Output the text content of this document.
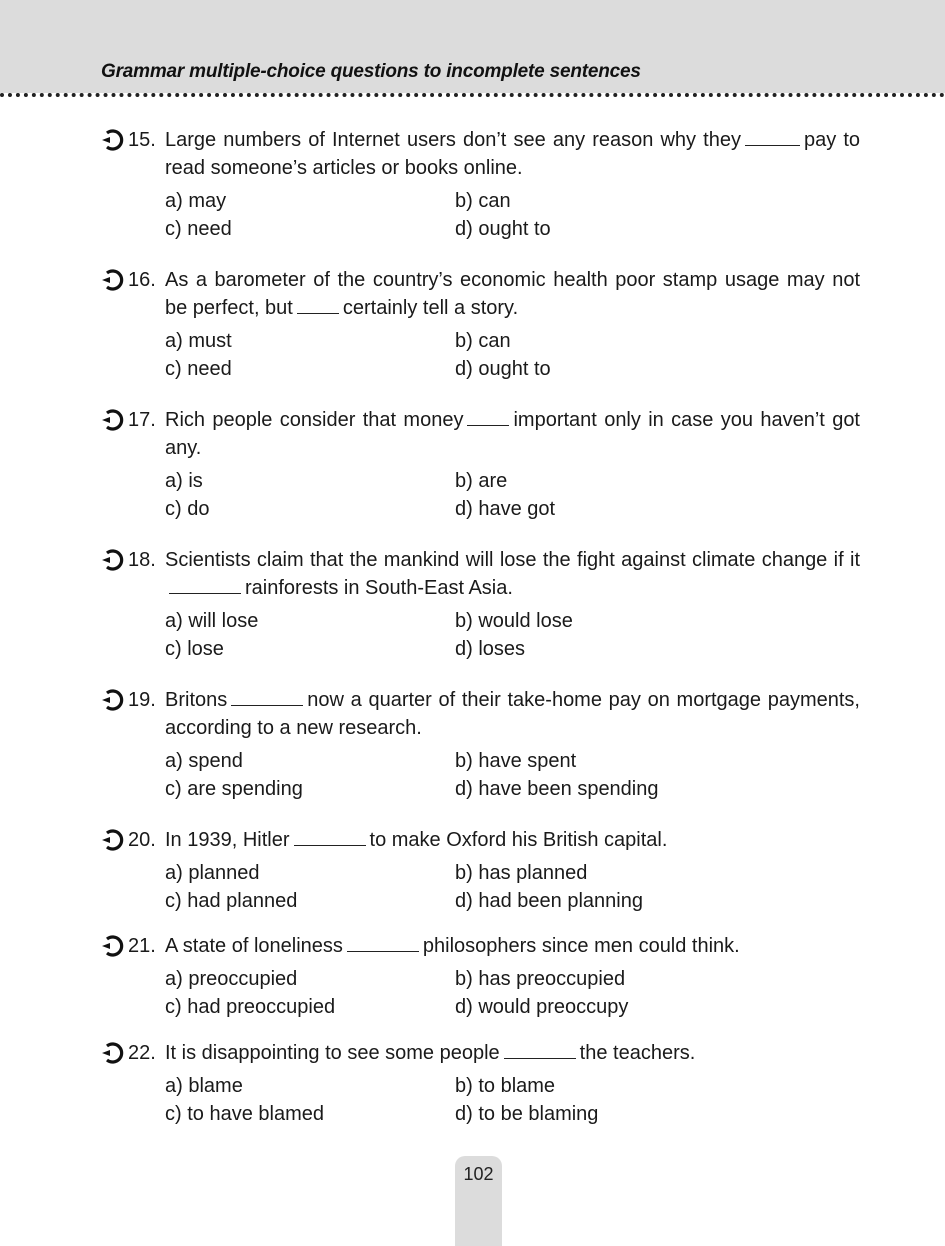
Grammar multiple-choice questions to incomplete sentences
15. Large numbers of Internet users don’t see any reason why they	pay to read someone’s articles or books online.
a) may	b) can
c) need	d) ought to
16. As a barometer of the country’s economic health poor stamp usage may not be perfect, but	certainly tell a story.
a) must	b) can
c) need	d) ought to
17. Rich people consider that money	important only in case you haven’t got any.
a) is	b) are
c) do	d) have got
18. Scientists claim that the mankind will lose the fight against climate change if itrainforests in South-East Asia.
a) will lose	b) would lose
c) lose	d) loses
19. Britons	now a quarter of their take-home pay on mortgage payments, according to a new research.
a) spend	b) have spent
c) are spending	d) have been spending
20. In 1939, Hitler	to make Oxford his British capital.
a) planned	b) has planned
c) had planned	d) had been planning
21. A state of loneliness	philosophers since men could think.
a) preoccupied	b) has preoccupied
c) had preoccupied	d) would preoccupy
22. It is disappointing to see some people	the teachers.
a) blame	b) to blame
c) to have blamed	d) to be blaming
102
